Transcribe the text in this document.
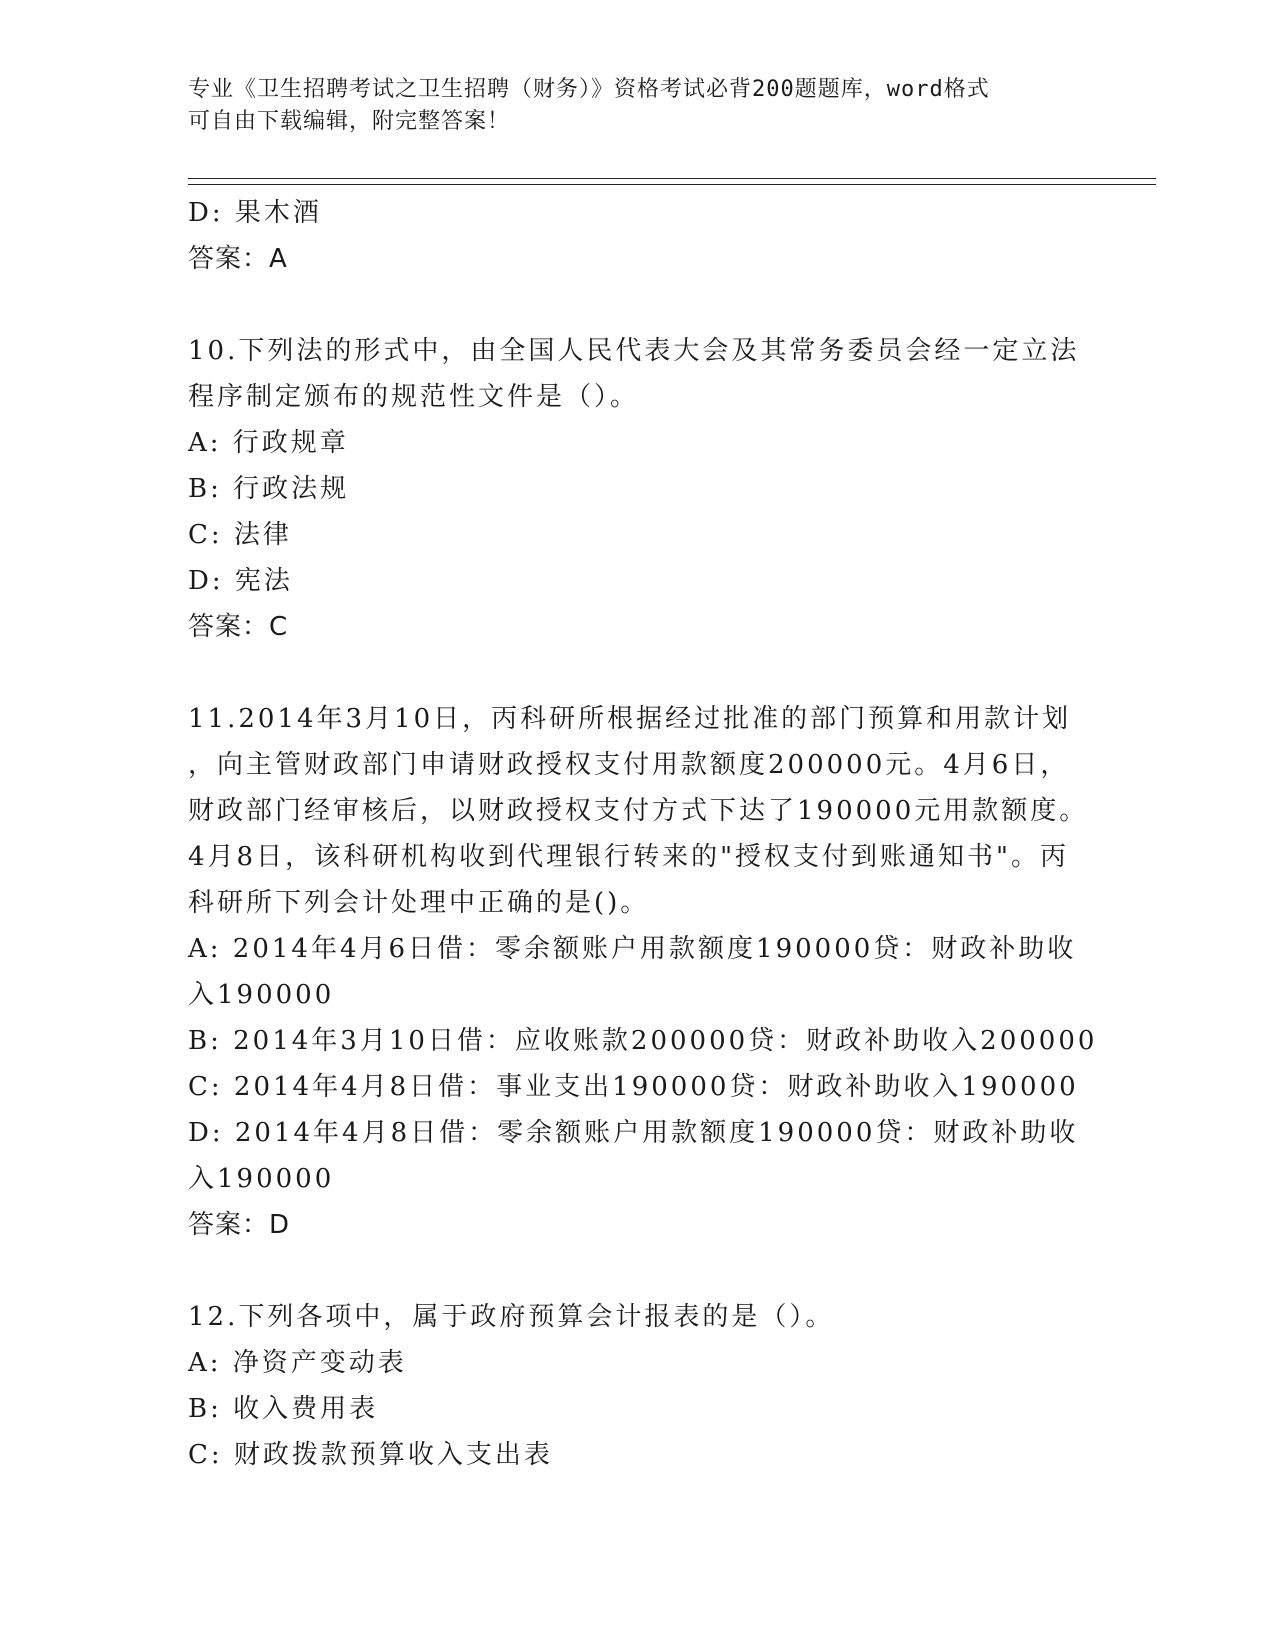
专业《卫生招聘考试之卫生招聘（财务）》资格考试必背200题题库，word格式
可自由下载编辑，附完整答案！
D: 果木酒
答案：A
10.下列法的形式中，由全国人民代表大会及其常务委员会经一定立法
程序制定颁布的规范性文件是（）。
A: 行政规章
B: 行政法规
C: 法律
D: 宪法
答案：C
11.2014年3月10日，丙科研所根据经过批准的部门预算和用款计划
，向主管财政部门申请财政授权支付用款额度200000元。4月6日，
财政部门经审核后，以财政授权支付方式下达了190000元用款额度。
4月8日，该科研机构收到代理银行转来的"授权支付到账通知书"。丙
科研所下列会计处理中正确的是()。
A: 2014年4月6日借：零余额账户用款额度190000贷：财政补助收
入190000
B: 2014年3月10日借：应收账款200000贷：财政补助收入200000
C: 2014年4月8日借：事业支出190000贷：财政补助收入190000
D: 2014年4月8日借：零余额账户用款额度190000贷：财政补助收
入190000
答案：D
12.下列各项中，属于政府预算会计报表的是（）。
A: 净资产变动表
B: 收入费用表
C: 财政拨款预算收入支出表
